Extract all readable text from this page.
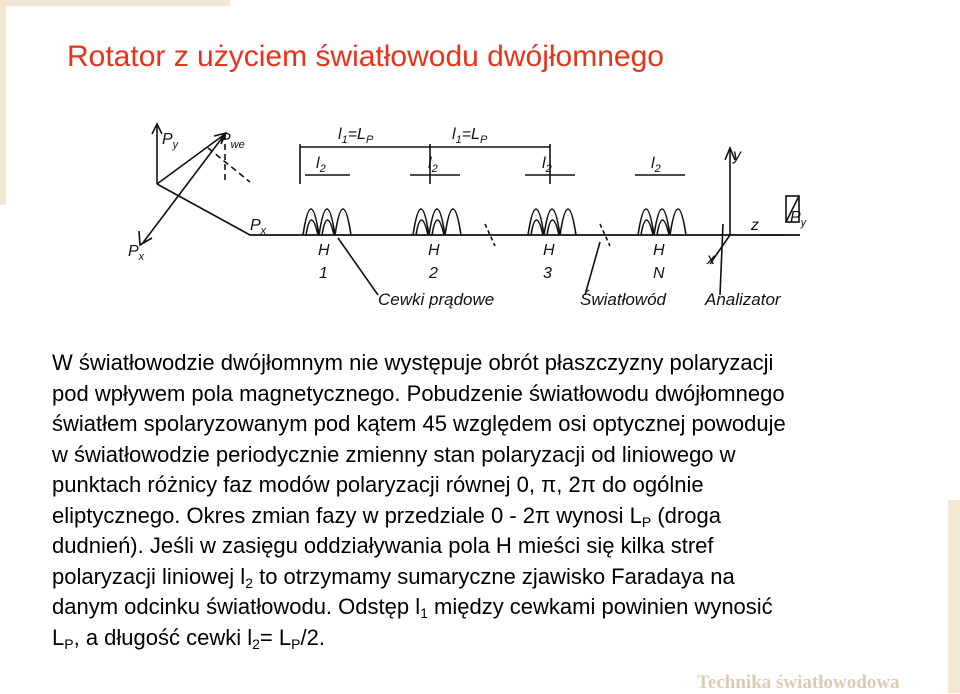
Rotator z użyciem światłowodu dwójłomnego
$P_y$	$P_{we}$
$P_x$
$P_x$
y
z
x
$P_y$
$l_1=L_P$	$l_1=L_P$
$l_2$	$l_2$	$l_2$	$l_2$
H	H	H	H
1	2	3	N
Cewki prądowe	Światłowód Analizator
W światłowodzie dwójłomnym nie występuje obrót płaszczyzny polaryzacji
pod wpływem pola magnetycznego. Pobudzenie światłowodu dwójłomnego
światłem spolaryzowanym pod kątem 45 względem osi optycznej powoduje
w światłowodzie periodycznie zmienny stan polaryzacji od liniowego w
punktach różnicy faz modów polaryzacji równej 0, π, 2π do ogólnie
eliptycznego. Okres zmian fazy w przedziale 0 - 2π wynosi $L_P$ (droga
dudnień). Jeśli w zasięgu oddziaływania pola H mieści się kilka stref
polaryzacji liniowej $l_2$ to otrzymamy sumaryczne zjawisko Faradaya na
danym odcinku światłowodu. Odstęp $l_1$ między cewkami powinien wynosić
$L_P$, a długość cewki $l_2= L_P/2$.
Technika światłowodowa
